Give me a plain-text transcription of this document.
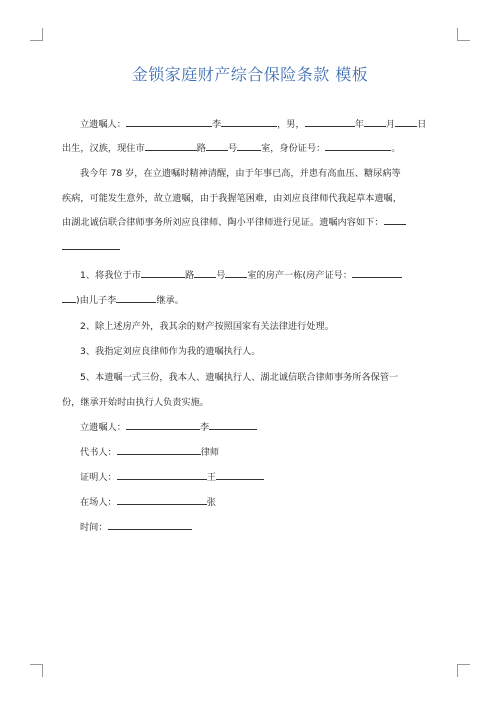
金锁家庭财产综合保险条款 模板
立遗嘱人：	李	，男，	年 月 日
出生，汉族，现住市	路 号	室，身份证号：	。
我今年 78 岁，在立遗嘱时精神清醒，由于年事已高，并患有高血压、糖尿病等
疾病，可能发生意外，故立遗嘱，由于我握笔困难，由刘应良律师代我起草本遗嘱，
由湖北诚信联合律师事务所刘应良律师、陶小平律师进行见证。遗嘱内容如下：
1、将我位于市	路 号 室的房产一栋(房产证号：
)由儿子李	继承。
2、除上述房产外，我其余的财产按照国家有关法律进行处理。
3、我指定刘应良律师作为我的遗嘱执行人。
5、本遗嘱一式三份，我本人、遗嘱执行人、湖北诚信联合律师事务所各保管一
份，继承开始时由执行人负责实施。
立遗嘱人：	李
代书人：	律师
证明人：	王
在场人：	张
时间：
